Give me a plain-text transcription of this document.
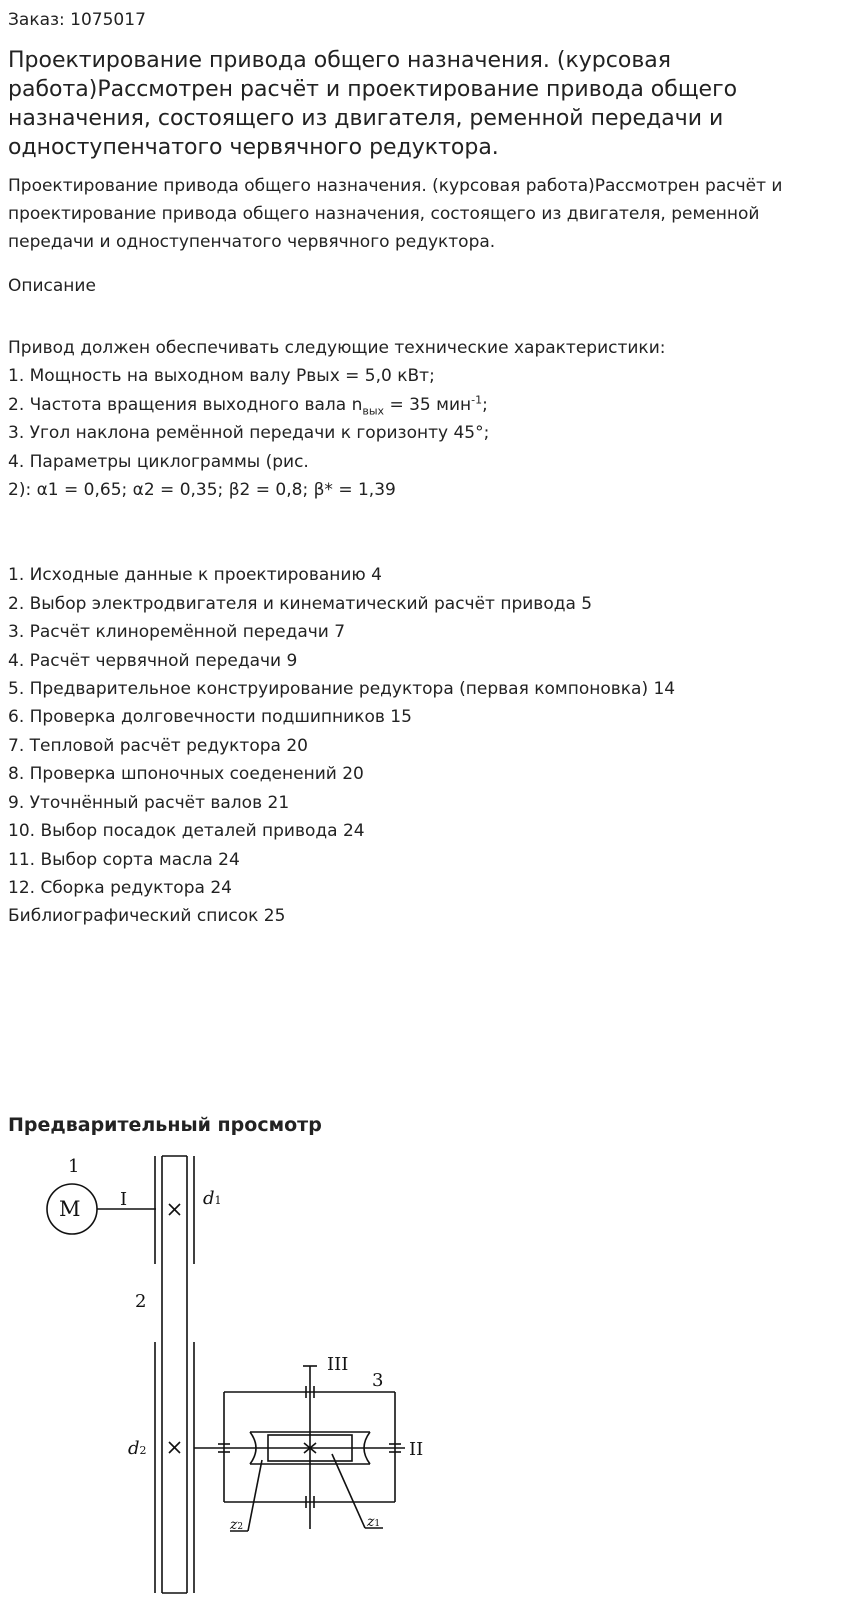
Заказ: 1075017

Проектирование привода общего назначения. (курсовая работа)Рассмотрен расчёт и проектирование привода общего назначения, состоящего из двигателя, ременной передачи и одноступенчатого червячного редуктора.

Проектирование привода общего назначения. (курсовая работа)Рассмотрен расчёт и проектирование привода общего назначения, состоящего из двигателя, ременной передачи и одноступенчатого червячного редуктора.

Описание

Привод должен обеспечивать следующие технические характеристики:
1. Мощность на выходном валу Рвых = 5,0 кВт;
2. Частота вращения выходного вала $n_{вых} = 35$ мин$^{-1}$;
3. Угол наклона ремённой передачи к горизонту 45°;
4. Параметры циклограммы (рис.
2): α1 = 0,65; α2 = 0,35; β2 = 0,8; β* = 1,39
1. Исходные данные к проектированию 4
2. Выбор электродвигателя и кинематический расчёт привода 5
3. Расчёт клиноремённой передачи 7
4. Расчёт червячной передачи 9
5. Предварительное конструирование редуктора (первая компоновка) 14
6. Проверка долговечности подшипников 15
7. Тепловой расчёт редуктора 20
8. Проверка шпоночных соеденений 20
9. Уточнённый расчёт валов 21
10. Выбор посадок деталей привода 24
11. Выбор сорта масла 24
12. Сборка редуктора 24
Библиографический список 25
Предварительный просмотр
M
1
I
2
3
II
III
d1
d2
z1
z2
